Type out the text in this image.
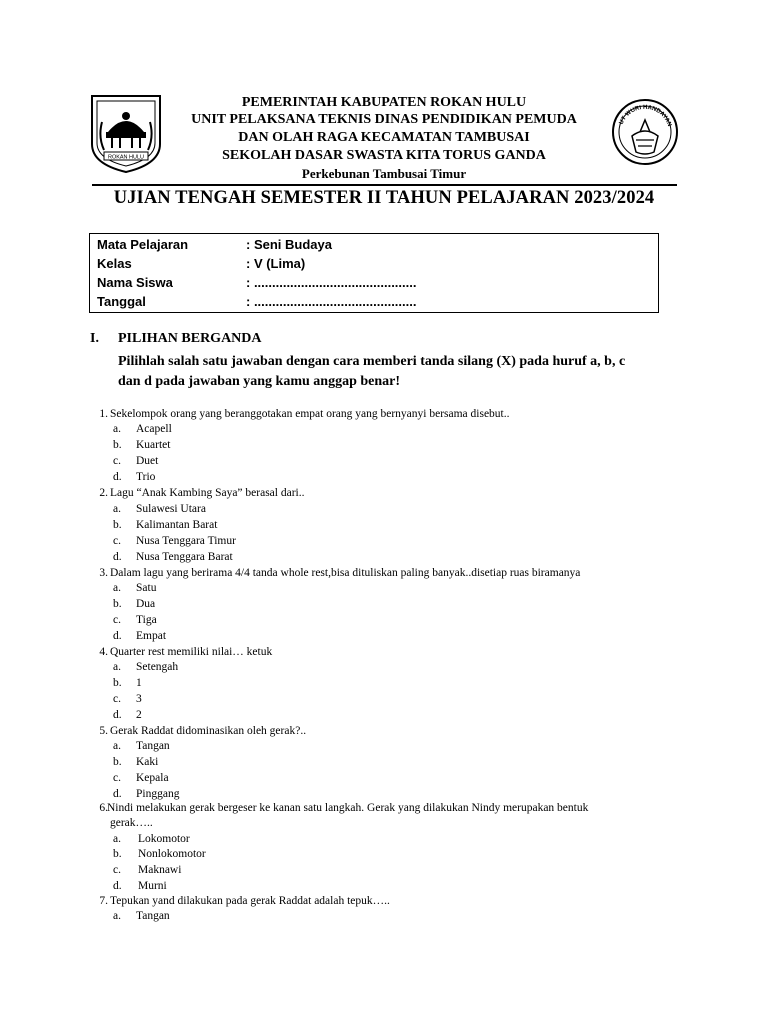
ROKAN HULU
UT WURI HANDAYAN
PEMERINTAH KABUPATEN ROKAN HULU
UNIT PELAKSANA TEKNIS DINAS PENDIDIKAN PEMUDA
DAN OLAH RAGA KECAMATAN TAMBUSAI
SEKOLAH DASAR SWASTA KITA TORUS GANDA
Perkebunan Tambusai Timur
UJIAN TENGAH SEMESTER II TAHUN PELAJARAN 2023/2024
Mata Pelajaran	: Seni Budaya
Kelas	: V (Lima)
Nama Siswa	: .............................................
Tanggal	: .............................................
I. PILIHAN BERGANDA
Pilihlah salah satu jawaban dengan cara memberi tanda silang (X) pada huruf a, b, c
dan d pada jawaban yang kamu anggap benar!
1. Sekelompok orang yang beranggotakan empat orang yang bernyanyi bersama disebut..
a. Acapell
b. Kuartet
c. Duet
d. Trio
2. Lagu “Anak Kambing Saya” berasal dari..
a. Sulawesi Utara
b. Kalimantan Barat
c. Nusa Tenggara Timur
d. Nusa Tenggara Barat
3. Dalam lagu yang berirama 4/4 tanda whole rest,bisa dituliskan paling banyak..disetiap ruas biramanya
a. Satu
b. Dua
c. Tiga
d. Empat
4. Quarter rest memiliki nilai… ketuk
a. Setengah
b. 1
c. 3
d. 2
5. Gerak Raddat didominasikan oleh gerak?..
a. Tangan
b. Kaki
c. Kepala
d. Pinggang
6. Nindi melakukan gerak bergeser ke kanan satu langkah. Gerak yang dilakukan Nindy merupakan bentuk
gerak…..
a. Lokomotor
b. Nonlokomotor
c. Maknawi
d. Murni
7. Tepukan yand dilakukan pada gerak Raddat adalah tepuk…..
a. Tangan
